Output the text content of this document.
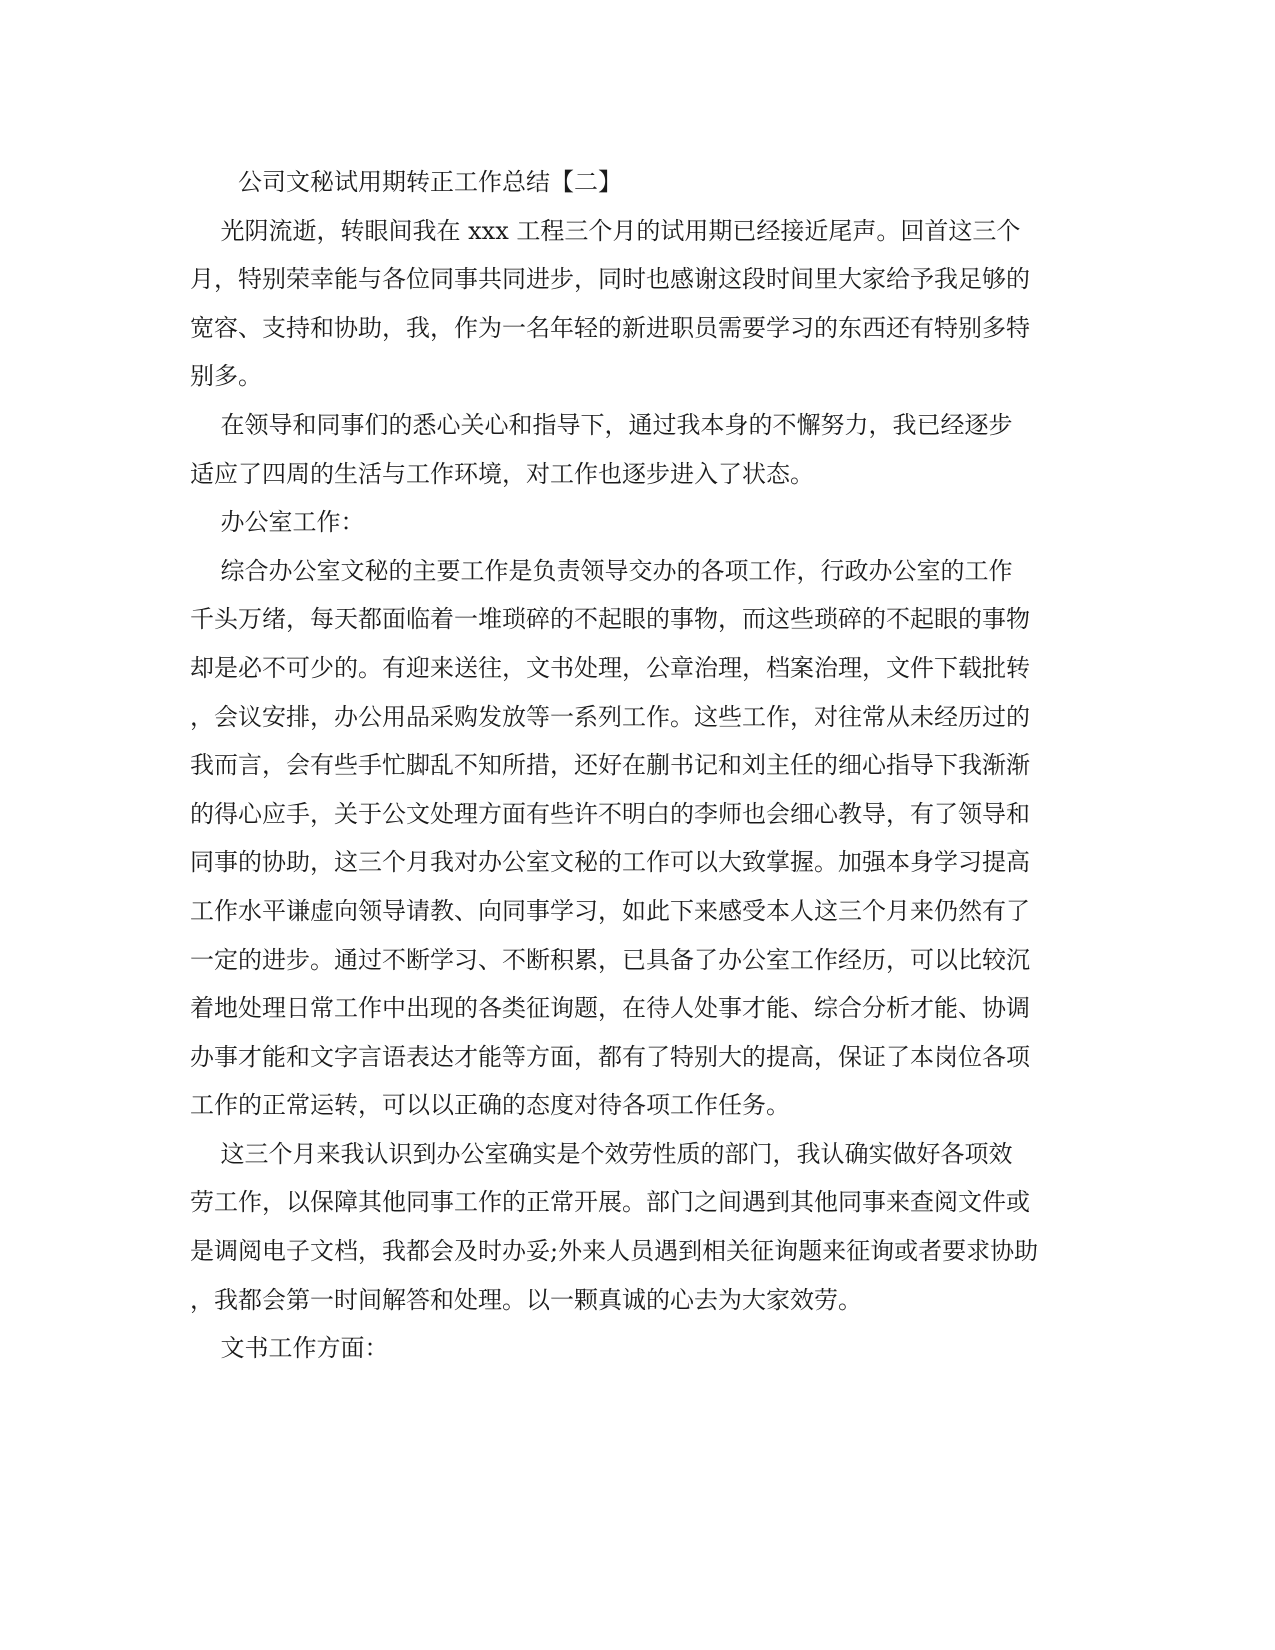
公司文秘试用期转正工作总结【二】
光阴流逝，转眼间我在 xxx 工程三个月的试用期已经接近尾声。回首这三个
月，特别荣幸能与各位同事共同进步，同时也感谢这段时间里大家给予我足够的
宽容、支持和协助，我，作为一名年轻的新进职员需要学习的东西还有特别多特
别多。
在领导和同事们的悉心关心和指导下，通过我本身的不懈努力，我已经逐步
适应了四周的生活与工作环境，对工作也逐步进入了状态。
办公室工作：
综合办公室文秘的主要工作是负责领导交办的各项工作，行政办公室的工作
千头万绪，每天都面临着一堆琐碎的不起眼的事物，而这些琐碎的不起眼的事物
却是必不可少的。有迎来送往，文书处理，公章治理，档案治理，文件下载批转
，会议安排，办公用品采购发放等一系列工作。这些工作，对往常从未经历过的
我而言，会有些手忙脚乱不知所措，还好在蒯书记和刘主任的细心指导下我渐渐
的得心应手，关于公文处理方面有些许不明白的李师也会细心教导，有了领导和
同事的协助，这三个月我对办公室文秘的工作可以大致掌握。加强本身学习提高
工作水平谦虚向领导请教、向同事学习，如此下来感受本人这三个月来仍然有了
一定的进步。通过不断学习、不断积累，已具备了办公室工作经历，可以比较沉
着地处理日常工作中出现的各类征询题，在待人处事才能、综合分析才能、协调
办事才能和文字言语表达才能等方面，都有了特别大的提高，保证了本岗位各项
工作的正常运转，可以以正确的态度对待各项工作任务。
这三个月来我认识到办公室确实是个效劳性质的部门，我认确实做好各项效
劳工作，以保障其他同事工作的正常开展。部门之间遇到其他同事来查阅文件或
是调阅电子文档，我都会及时办妥;外来人员遇到相关征询题来征询或者要求协助
，我都会第一时间解答和处理。以一颗真诚的心去为大家效劳。
文书工作方面：
